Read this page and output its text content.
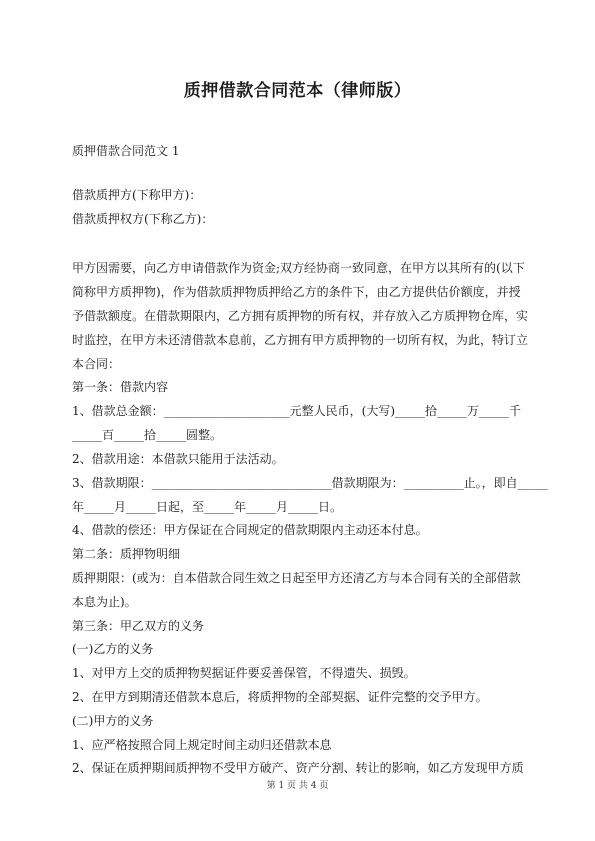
质押借款合同范本（律师版）
质押借款合同范文 1
借款质押方(下称甲方)：
借款质押权方(下称乙方)：
甲方因需要，向乙方申请借款作为资金;双方经协商一致同意，在甲方以其所有的(以下
简称甲方质押物)，作为借款质押物质押给乙方的条件下，由乙方提供估价额度，并授
予借款额度。在借款期限内，乙方拥有质押物的所有权，并存放入乙方质押物仓库，实
时监控，在甲方未还清借款本息前，乙方拥有甲方质押物的一切所有权，为此，特订立
本合同：
第一条：借款内容
1、借款总金额：_____________________元整人民币，(大写)_____拾_____万_____千
_____百_____拾_____圆整。
2、借款用途：本借款只能用于法活动。
3、借款期限：______________________________借款期限为：__________止。，即自_____
年_____月_____日起，至_____年_____月_____日。
4、借款的偿还：甲方保证在合同规定的借款期限内主动还本付息。
第二条：质押物明细
质押期限：(或为：自本借款合同生效之日起至甲方还清乙方与本合同有关的全部借款
本息为止)。
第三条：甲乙双方的义务
(一)乙方的义务
1、对甲方上交的质押物契据证件要妥善保管，不得遗失、损毁。
2、在甲方到期清还借款本息后，将质押物的全部契据、证件完整的交予甲方。
(二)甲方的义务
1、应严格按照合同上规定时间主动归还借款本息
2、保证在质押期间质押物不受甲方破产、资产分割、转让的影响，如乙方发现甲方质
第 1 页 共 4 页
